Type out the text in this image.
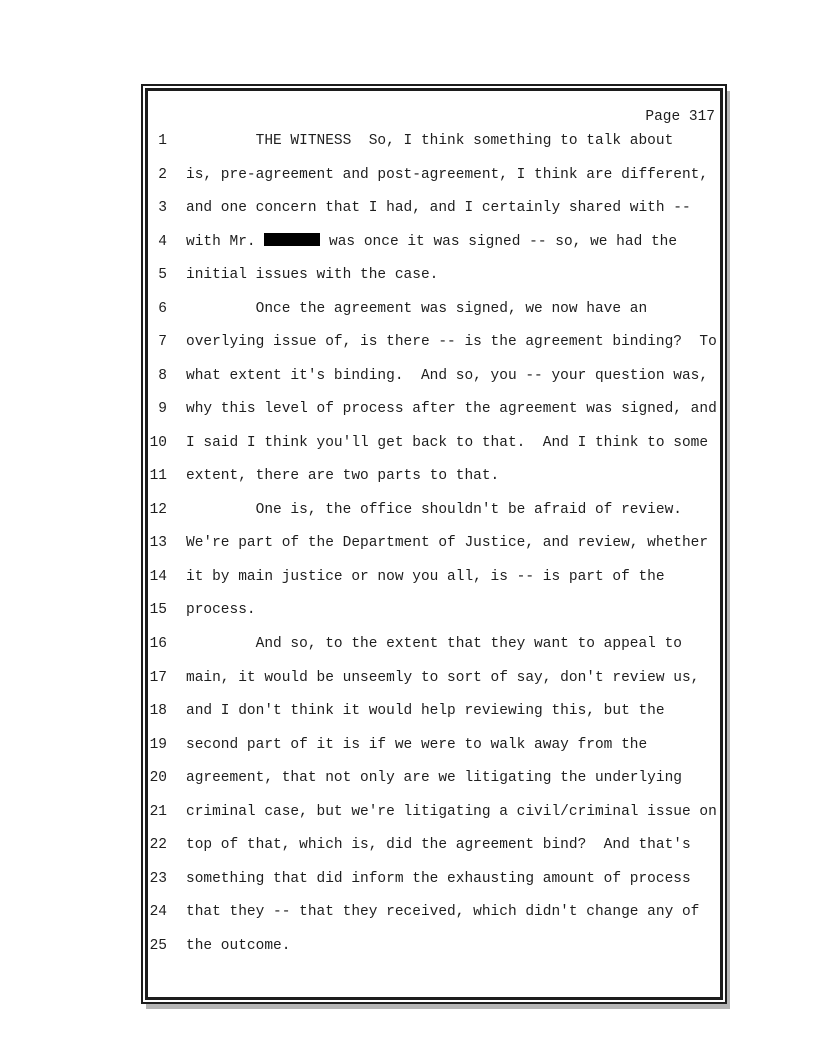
Page 317
1        THE WITNESS  So, I think something to talk about
2 is, pre-agreement and post-agreement, I think are different,
3 and one concern that I had, and I certainly shared with --
4 with Mr.	was once it was signed -- so, we had the
5 initial issues with the case.
6        Once the agreement was signed, we now have an
7 overlying issue of, is there -- is the agreement binding?  To
8 what extent it's binding.  And so, you -- your question was,
9 why this level of process after the agreement was signed, and
10 I said I think you'll get back to that.  And I think to some
11 extent, there are two parts to that.
12        One is, the office shouldn't be afraid of review.
13 We're part of the Department of Justice, and review, whether
14 it by main justice or now you all, is -- is part of the
15 process.
16        And so, to the extent that they want to appeal to
17 main, it would be unseemly to sort of say, don't review us,
18 and I don't think it would help reviewing this, but the
19 second part of it is if we were to walk away from the
20 agreement, that not only are we litigating the underlying
21 criminal case, but we're litigating a civil/criminal issue on
22 top of that, which is, did the agreement bind?  And that's
23 something that did inform the exhausting amount of process
24 that they -- that they received, which didn't change any of
25 the outcome.
